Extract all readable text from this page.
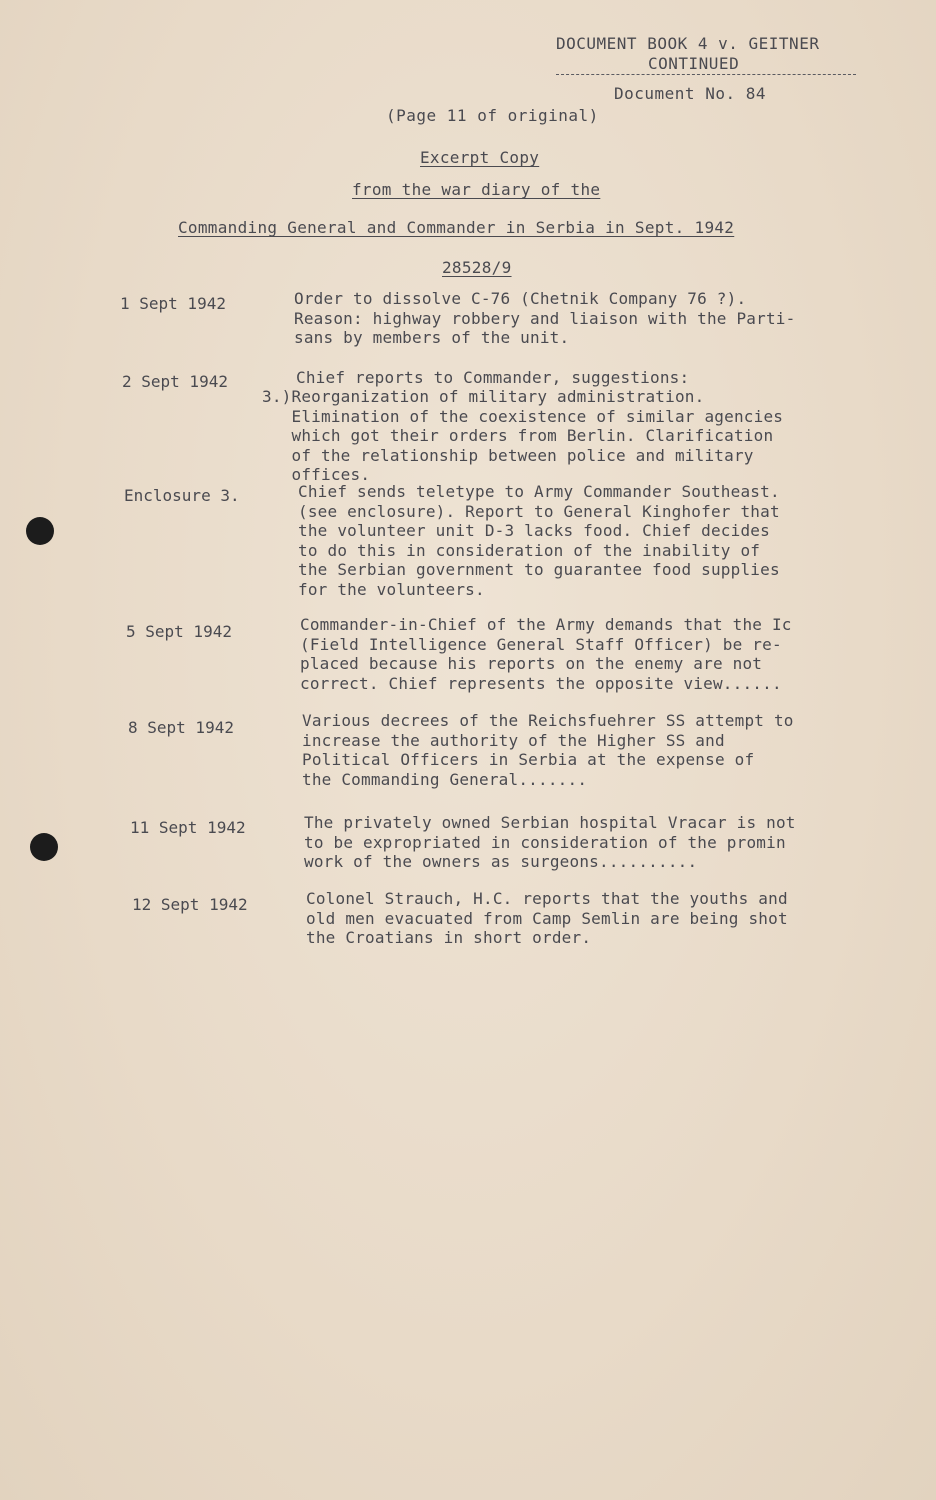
DOCUMENT BOOK 4 v. GEITNER
CONTINUED
Document No. 84
(Page 11 of original)
Excerpt Copy
from the war diary of the
Commanding General and Commander in Serbia in Sept. 1942
28528/9
1 Sept 1942	Order to dissolve C-76 (Chetnik Company 76 ?).
Reason: highway robbery and liaison with the Parti-
sans by members of the unit.
2 Sept 1942	Chief reports to Commander, suggestions:
3.)Reorganization of military administration.
Elimination of the coexistence of similar agencies
which got their orders from Berlin. Clarification
of the relationship between police and military
offices.
Enclosure 3.	Chief sends teletype to Army Commander Southeast.
(see enclosure). Report to General Kinghofer that
the volunteer unit D-3 lacks food. Chief decides
to do this in consideration of the inability of
the Serbian government to guarantee food supplies
for the volunteers.
5 Sept 1942	Commander-in-Chief of the Army demands that the Ic
(Field Intelligence General Staff Officer) be re-
placed because his reports on the enemy are not
correct. Chief represents the opposite view......
8 Sept 1942	Various decrees of the Reichsfuehrer SS attempt to
increase the authority of the Higher SS and
Political Officers in Serbia at the expense of
the Commanding General.......
11 Sept 1942	The privately owned Serbian hospital Vracar is not
to be expropriated in consideration of the promin
work of the owners as surgeons..........
12 Sept 1942	Colonel Strauch, H.C. reports that the youths and
old men evacuated from Camp Semlin are being shot
the Croatians in short order.
